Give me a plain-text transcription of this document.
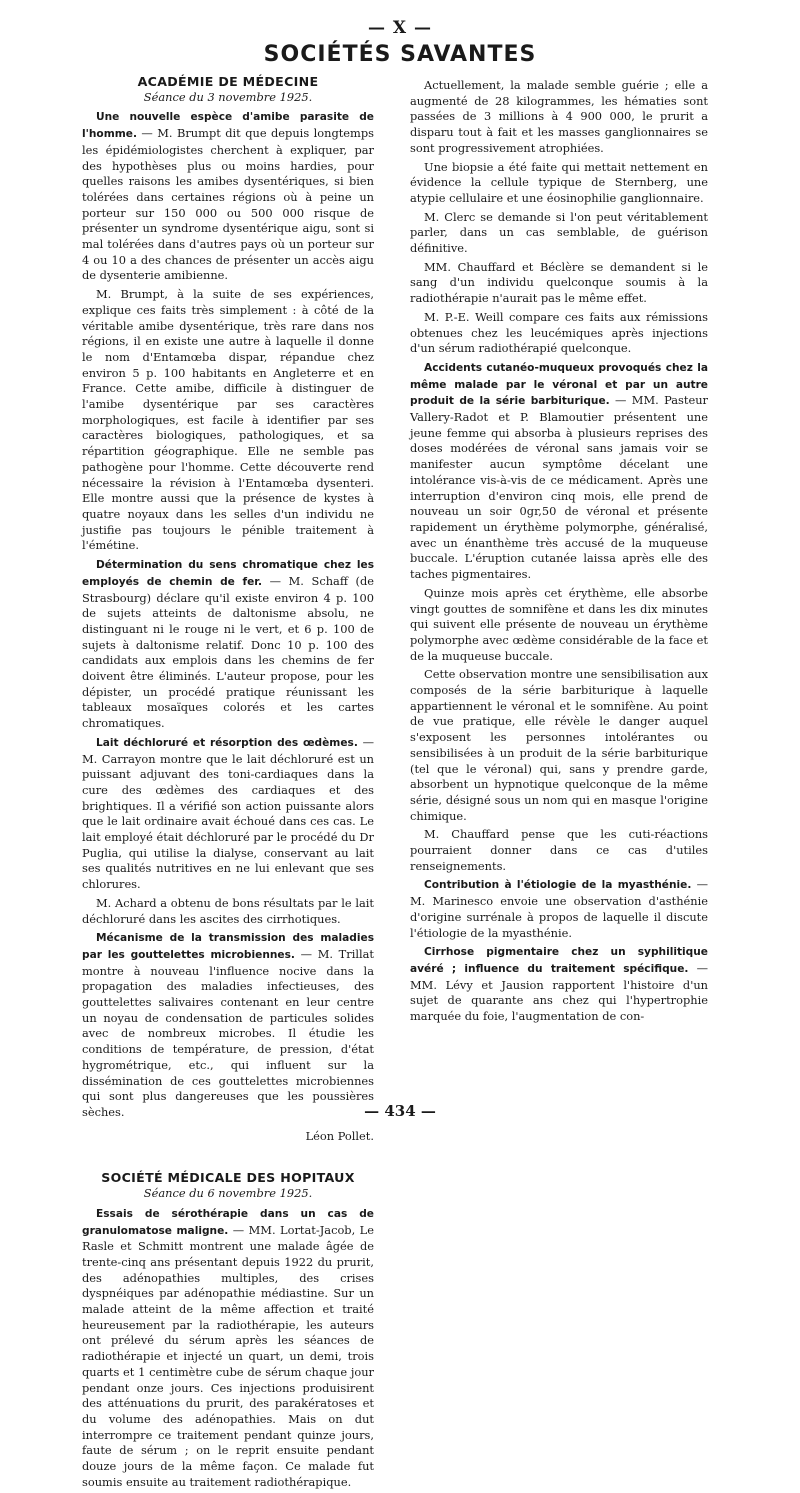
— X —
SOCIÉTÉS SAVANTES
ACADÉMIE DE MÉDECINE
Séance du 3 novembre 1925.

Une nouvelle espèce d'amibe parasite de l'homme. — M. Brumpt dit que depuis longtemps les épidémiologistes cherchent à expliquer, par des hypothèses plus ou moins hardies, pour quelles raisons les amibes dysentériques, si bien tolérées dans certaines régions où à peine un porteur sur 150 000 ou 500 000 risque de présenter un syndrome dysentérique aigu, sont si mal tolérées dans d'autres pays où un porteur sur 4 ou 10 a des chances de présenter un accès aigu de dysenterie amibienne.

M. Brumpt, à la suite de ses expériences, explique ces faits très simplement : à côté de la véritable amibe dysentérique, très rare dans nos régions, il en existe une autre à laquelle il donne le nom d'Entamœba dispar, répandue chez environ 5 p. 100 habitants en Angleterre et en France. Cette amibe, difficile à distinguer de l'amibe dysentérique par ses caractères morphologiques, est facile à identifier par ses caractères biologiques, pathologiques, et sa répartition géographique. Elle ne semble pas pathogène pour l'homme. Cette découverte rend nécessaire la révision à l'Entamœba dysenteri. Elle montre aussi que la présence de kystes à quatre noyaux dans les selles d'un individu ne justifie pas toujours le pénible traitement à l'émétine.

Détermination du sens chromatique chez les employés de chemin de fer. — M. Schaff (de Strasbourg) déclare qu'il existe environ 4 p. 100 de sujets atteints de daltonisme absolu, ne distinguant ni le rouge ni le vert, et 6 p. 100 de sujets à daltonisme relatif. Donc 10 p. 100 des candidats aux emplois dans les chemins de fer doivent être éliminés. L'auteur propose, pour les dépister, un procédé pratique réunissant les tableaux mosaïques colorés et les cartes chromatiques.

Lait déchloruré et résorption des œdèmes. — M. Carrayon montre que le lait déchloruré est un puissant adjuvant des toni-cardiaques dans la cure des œdèmes des cardiaques et des brightiques. Il a vérifié son action puissante alors que le lait ordinaire avait échoué dans ces cas. Le lait employé était déchloruré par le procédé du Dr Puglia, qui utilise la dialyse, conservant au lait ses qualités nutritives en ne lui enlevant que ses chlorures.

M. Achard a obtenu de bons résultats par le lait déchloruré dans les ascites des cirrhotiques.

Mécanisme de la transmission des maladies par les gouttelettes microbiennes. — M. Trillat montre à nouveau l'influence nocive dans la propagation des maladies infectieuses, des gouttelettes salivaires contenant en leur centre un noyau de condensation de particules solides avec de nombreux microbes. Il étudie les conditions de température, de pression, d'état hygrométrique, etc., qui influent sur la dissémination de ces gouttelettes microbiennes qui sont plus dangereuses que les poussières sèches.

Léon Pollet.
SOCIÉTÉ MÉDICALE DES HOPITAUX
Séance du 6 novembre 1925.

Essais de sérothérapie dans un cas de granulomatose maligne. — MM. Lortat-Jacob, Le Rasle et Schmitt montrent une malade âgée de trente-cinq ans présentant depuis 1922 du prurit, des adénopathies multiples, des crises dyspnéiques par adénopathie médiastine. Sur un malade atteint de la même affection et traité heureusement par la radiothérapie, les auteurs ont prélevé du sérum après les séances de radiothérapie et injecté un quart, un demi, trois quarts et 1 centimètre cube de sérum chaque jour pendant onze jours. Ces injections produisirent des atténuations du prurit, des parakératoses et du volume des adénopathies. Mais on dut interrompre ce traitement pendant quinze jours, faute de sérum ; on le reprit ensuite pendant douze jours de la même façon. Ce malade fut soumis ensuite au traitement radiothérapique.

Actuellement, la malade semble guérie ; elle a augmenté de 28 kilogrammes, les hématies sont passées de 3 millions à 4 900 000, le prurit a disparu tout à fait et les masses ganglionnaires se sont progressivement atrophiées.

Une biopsie a été faite qui mettait nettement en évidence la cellule typique de Sternberg, une atypie cellulaire et une éosinophilie ganglionnaire.

M. Clerc se demande si l'on peut véritablement parler, dans un cas semblable, de guérison définitive.

MM. Chauffard et Béclère se demandent si le sang d'un individu quelconque soumis à la radiothérapie n'aurait pas le même effet.

M. P.-E. Weill compare ces faits aux rémissions obtenues chez les leucémiques après injections d'un sérum radiothérapié quelconque.

Accidents cutanéo-muqueux provoqués chez la même malade par le véronal et par un autre produit de la série barbiturique. — MM. Pasteur Vallery-Radot et P. Blamoutier présentent une jeune femme qui absorba à plusieurs reprises des doses modérées de véronal sans jamais voir se manifester aucun symptôme décelant une intolérance vis-à-vis de ce médicament. Après une interruption d'environ cinq mois, elle prend de nouveau un soir 0gr,50 de véronal et présente rapidement un érythème polymorphe, généralisé, avec un énanthème très accusé de la muqueuse buccale. L'éruption cutanée laissa après elle des taches pigmentaires.

Quinze mois après cet érythème, elle absorbe vingt gouttes de somnifène et dans les dix minutes qui suivent elle présente de nouveau un érythème polymorphe avec œdème considérable de la face et de la muqueuse buccale.

Cette observation montre une sensibilisation aux composés de la série barbiturique à laquelle appartiennent le véronal et le somnifène. Au point de vue pratique, elle révèle le danger auquel s'exposent les personnes intolérantes ou sensibilisées à un produit de la série barbiturique (tel que le véronal) qui, sans y prendre garde, absorbent un hypnotique quelconque de la même série, désigné sous un nom qui en masque l'origine chimique.

M. Chauffard pense que les cuti-réactions pourraient donner dans ce cas d'utiles renseignements.

Contribution à l'étiologie de la myasthénie. — M. Marinesco envoie une observation d'asthénie d'origine surrénale à propos de laquelle il discute l'étiologie de la myasthénie.

Cirrhose pigmentaire chez un syphilitique avéré ; influence du traitement spécifique. — MM. Lévy et Jausion rapportent l'histoire d'un sujet de quarante ans chez qui l'hypertrophie marquée du foie, l'augmentation de con-

— 434 —
